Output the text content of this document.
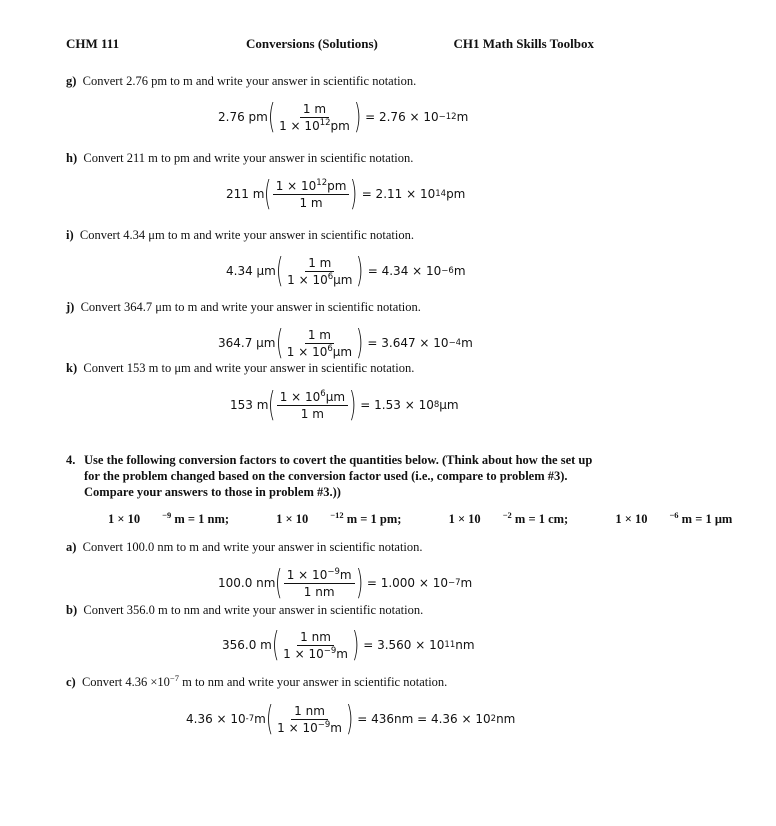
CHM 111	Conversions (Solutions)	CH1 Math Skills Toolbox
g) Convert 2.76 pm to m and write your answer in scientific notation.
2.76 pm ( $\frac{1 m}{1 \times 10^{12}pm}$ ) = 2.76 × 10 −12 m
h) Convert 211 m to pm and write your answer in scientific notation.
211 m ( $\frac{1 \times 10^{12}pm}{1 m}$ ) = 2.11 × 10 14 pm
i) Convert 4.34 μm to m and write your answer in scientific notation.
4.34 μm ( $\frac{1 m}{1 \times 10^6\mu m}$ ) = 4.34 × 10 −6 m
j) Convert 364.7 μm to m and write your answer in scientific notation.
364.7 μm ( $\frac{1 m}{1 \times 10^6\mu m}$ ) = 3.647 × 10 −4 m
k) Convert 153 m to μm and write your answer in scientific notation.
153 m ( $\frac{1 \times 10^6\mu m}{1 m}$ ) = 1.53 × 10 8 μm
4. Use the following conversion factors to covert the quantities below. (Think about how the set up for the problem changed based on the conversion factor used (i.e., compare to problem #3). Compare your answers to those in problem #3.))
1 × 10	$^{-9}$ m = 1 nm;	1 × 10	$^{-12}$ m = 1 pm;	1 × 10	$^{-2}$ m = 1 cm;	1 × 10	$^{-6}$ m = 1 μm
a) Convert 100.0 nm to m and write your answer in scientific notation.
100.0 nm ( $\frac{1 \times 10^{-9}m}{1 nm}$ ) = 1.000 × 10 −7 m
b) Convert 356.0 m to nm and write your answer in scientific notation.
356.0 m ( $\frac{1 nm}{1 \times 10^{-9}m}$ ) = 3.560 × 10 11 nm
c) Convert $4.36 \times 10^{-7}$ m to nm and write your answer in scientific notation.
4.36 × 10 -7 m ( $\frac{1 nm}{1 \times 10^{-9}m}$ ) = 436nm = 4.36 × 10 2 nm
